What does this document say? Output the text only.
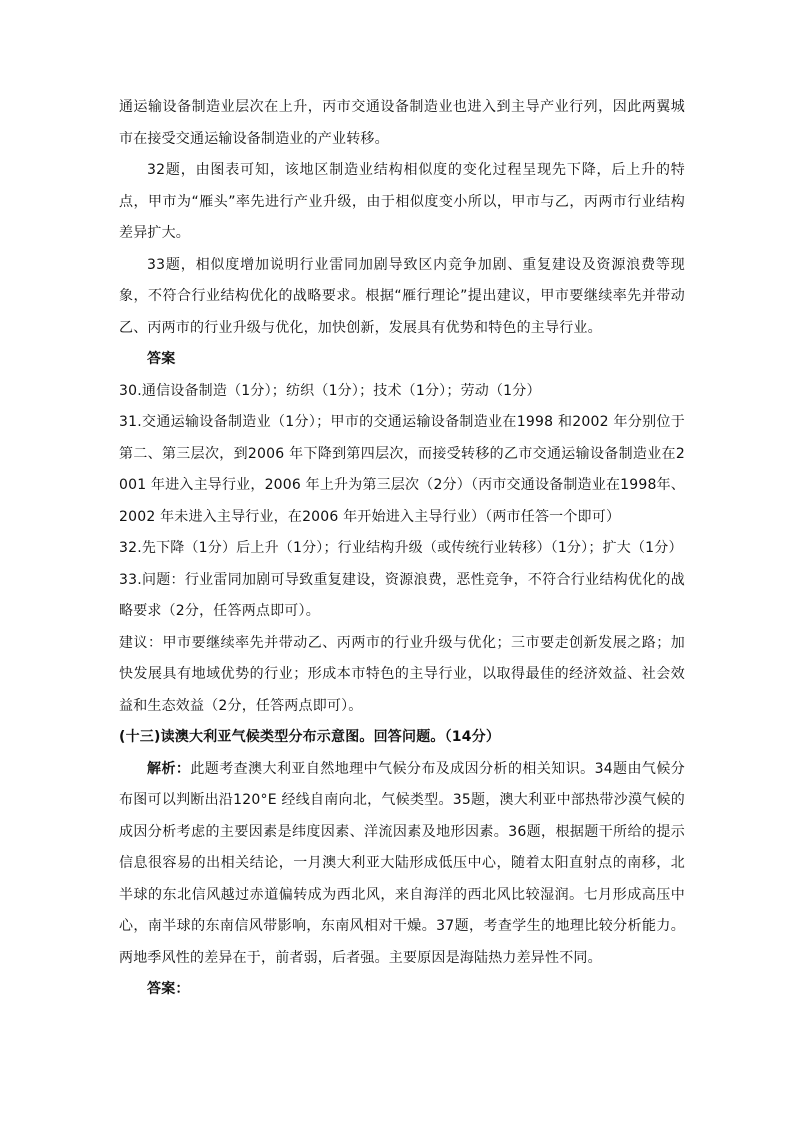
通运输设备制造业层次在上升，丙市交通设备制造业也进入到主导产业行列，因此两翼城市在接受交通运输设备制造业的产业转移。

32题，由图表可知，该地区制造业结构相似度的变化过程呈现先下降，后上升的特点，甲市为“雁头”率先进行产业升级，由于相似度变小所以，甲市与乙，丙两市行业结构差异扩大。

33题，相似度增加说明行业雷同加剧导致区内竞争加剧、重复建设及资源浪费等现象，不符合行业结构优化的战略要求。根据“雁行理论”提出建议，甲市要继续率先并带动乙、丙两市的行业升级与优化，加快创新，发展具有优势和特色的主导行业。

答案

30.通信设备制造（1分）；纺织（1分）；技术（1分）；劳动（1分）

31.交通运输设备制造业（1分）；甲市的交通运输设备制造业在1998 和2002 年分别位于第二、第三层次，到2006 年下降到第四层次，而接受转移的乙市交通运输设备制造业在2001 年进入主导行业，2006 年上升为第三层次（2分）（丙市交通设备制造业在1998年、2002 年未进入主导行业，在2006 年开始进入主导行业）（两市任答一个即可）

32.先下降（1分）后上升（1分）；行业结构升级（或传统行业转移）（1分）；扩大（1分）

33.问题：行业雷同加剧可导致重复建设，资源浪费，恶性竞争，不符合行业结构优化的战略要求（2分，任答两点即可）。

建议：甲市要继续率先并带动乙、丙两市的行业升级与优化；三市要走创新发展之路；加快发展具有地域优势的行业；形成本市特色的主导行业，以取得最佳的经济效益、社会效益和生态效益（2分，任答两点即可）。

(十三)读澳大利亚气候类型分布示意图。回答问题。（14分）

解析：此题考查澳大利亚自然地理中气候分布及成因分析的相关知识。34题由气候分布图可以判断出沿120°E 经线自南向北，气候类型。35题，澳大利亚中部热带沙漠气候的成因分析考虑的主要因素是纬度因素、洋流因素及地形因素。36题，根据题干所给的提示信息很容易的出相关结论，一月澳大利亚大陆形成低压中心，随着太阳直射点的南移，北半球的东北信风越过赤道偏转成为西北风，来自海洋的西北风比较湿润。七月形成高压中心，南半球的东南信风带影响，东南风相对干燥。37题，考查学生的地理比较分析能力。两地季风性的差异在于，前者弱，后者强。主要原因是海陆热力差异性不同。

答案：
